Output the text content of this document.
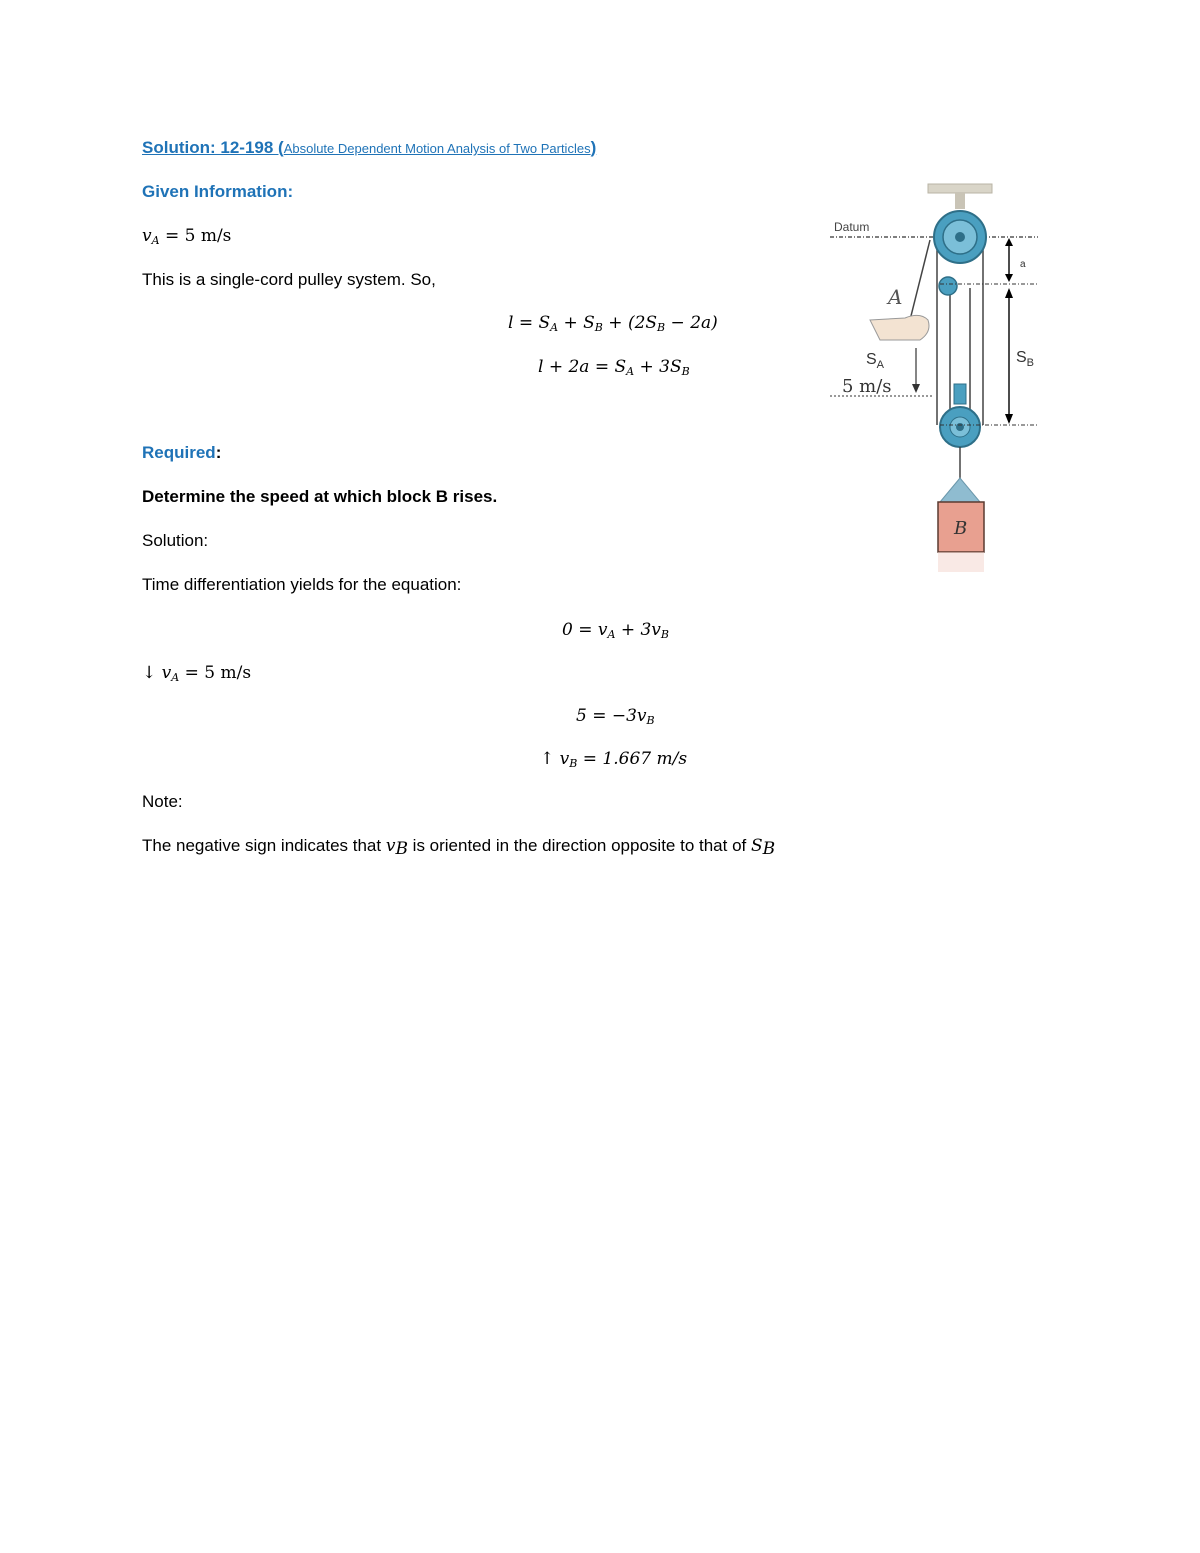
Solution: 12-198 (Absolute Dependent Motion Analysis of Two Particles)
Given Information:
$v_A = 5$ m/s
This is a single-cord pulley system. So,
$l = S_A + S_B + (2S_B - 2a)$
$l + 2a = S_A + 3S_B$
Required:
Determine the speed at which block B rises.
Solution:
Time differentiation yields for the equation:
$0 = v_A + 3v_B$
↓ $v_A = 5$ m/s
$5 = -3v_B$
↑ $v_B = 1.667$ m/s
Note:
The negative sign indicates that $v_B$ is oriented in the direction opposite to that of $S_B$
Datum
A
$S_A$
5 m/s
a
$S_B$
B
